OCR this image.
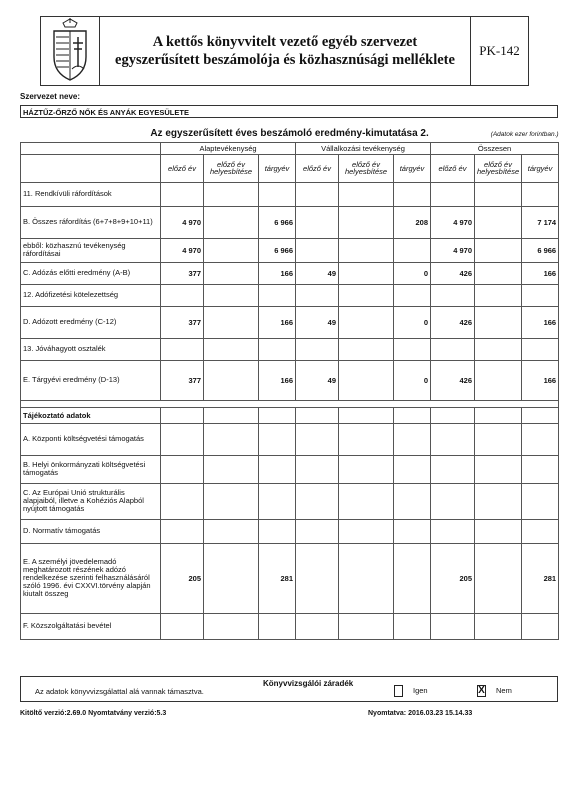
A kettős könyvvitelt vezető egyéb szervezet
egyszerűsített beszámolója és közhasznúsági melléklete
PK-142
Szervezet neve:
HÁZTŰZ-ŐRZŐ NŐK ÉS ANYÁK EGYESÜLETE
Az egyszerűsített éves beszámoló eredmény-kimutatása 2. (Adatok ezer forintban.)									

	Alaptevékenység			Vállalkozási tevékenység			Összesen		
	előző év	előző év helyesbítése	tárgyév	előző év	előző év helyesbítése	tárgyév	előző év	előző év helyesbítése	tárgyév
11. Rendkívüli ráfordítások									
B. Összes ráfordítás (6+7+8+9+10+11)	4 970		6 966			208	4 970		7 174
ebből: közhasznú tevékenység ráfordításai	4 970		6 966				4 970		6 966
C. Adózás előtti eredmény (A-B)	377		166	49		0	426		166
12. Adófizetési kötelezettség									
D. Adózott eredmény (C-12)	377		166	49		0	426		166
13. Jóváhagyott osztalék									
E. Tárgyévi eredmény (D-13)	377		166	49		0	426		166

Tájékoztató adatok									
A. Központi költségvetési támogatás									
B. Helyi önkormányzati költségvetési támogatás									
C. Az Európai Unió strukturális alapjaiból, illetve a Kohéziós Alapból nyújtott támogatás									
D. Normatív támogatás									
E. A személyi jövedelemadó meghatározott részének adózó rendelkezése szerinti felhasználásáról szóló 1996. évi CXXVI.törvény alapján kiutalt összeg	205		281				205		281
F. Közszolgáltatási bevétel									
Az adatok könyvvizsgálattal alá vannak támasztva.
Könyvvizsgálói záradék
Igen	X Nem
Kitöltő verzió:2.69.0 Nyomtatvány verzió:5.3	Nyomtatva: 2016.03.23 15.14.33
